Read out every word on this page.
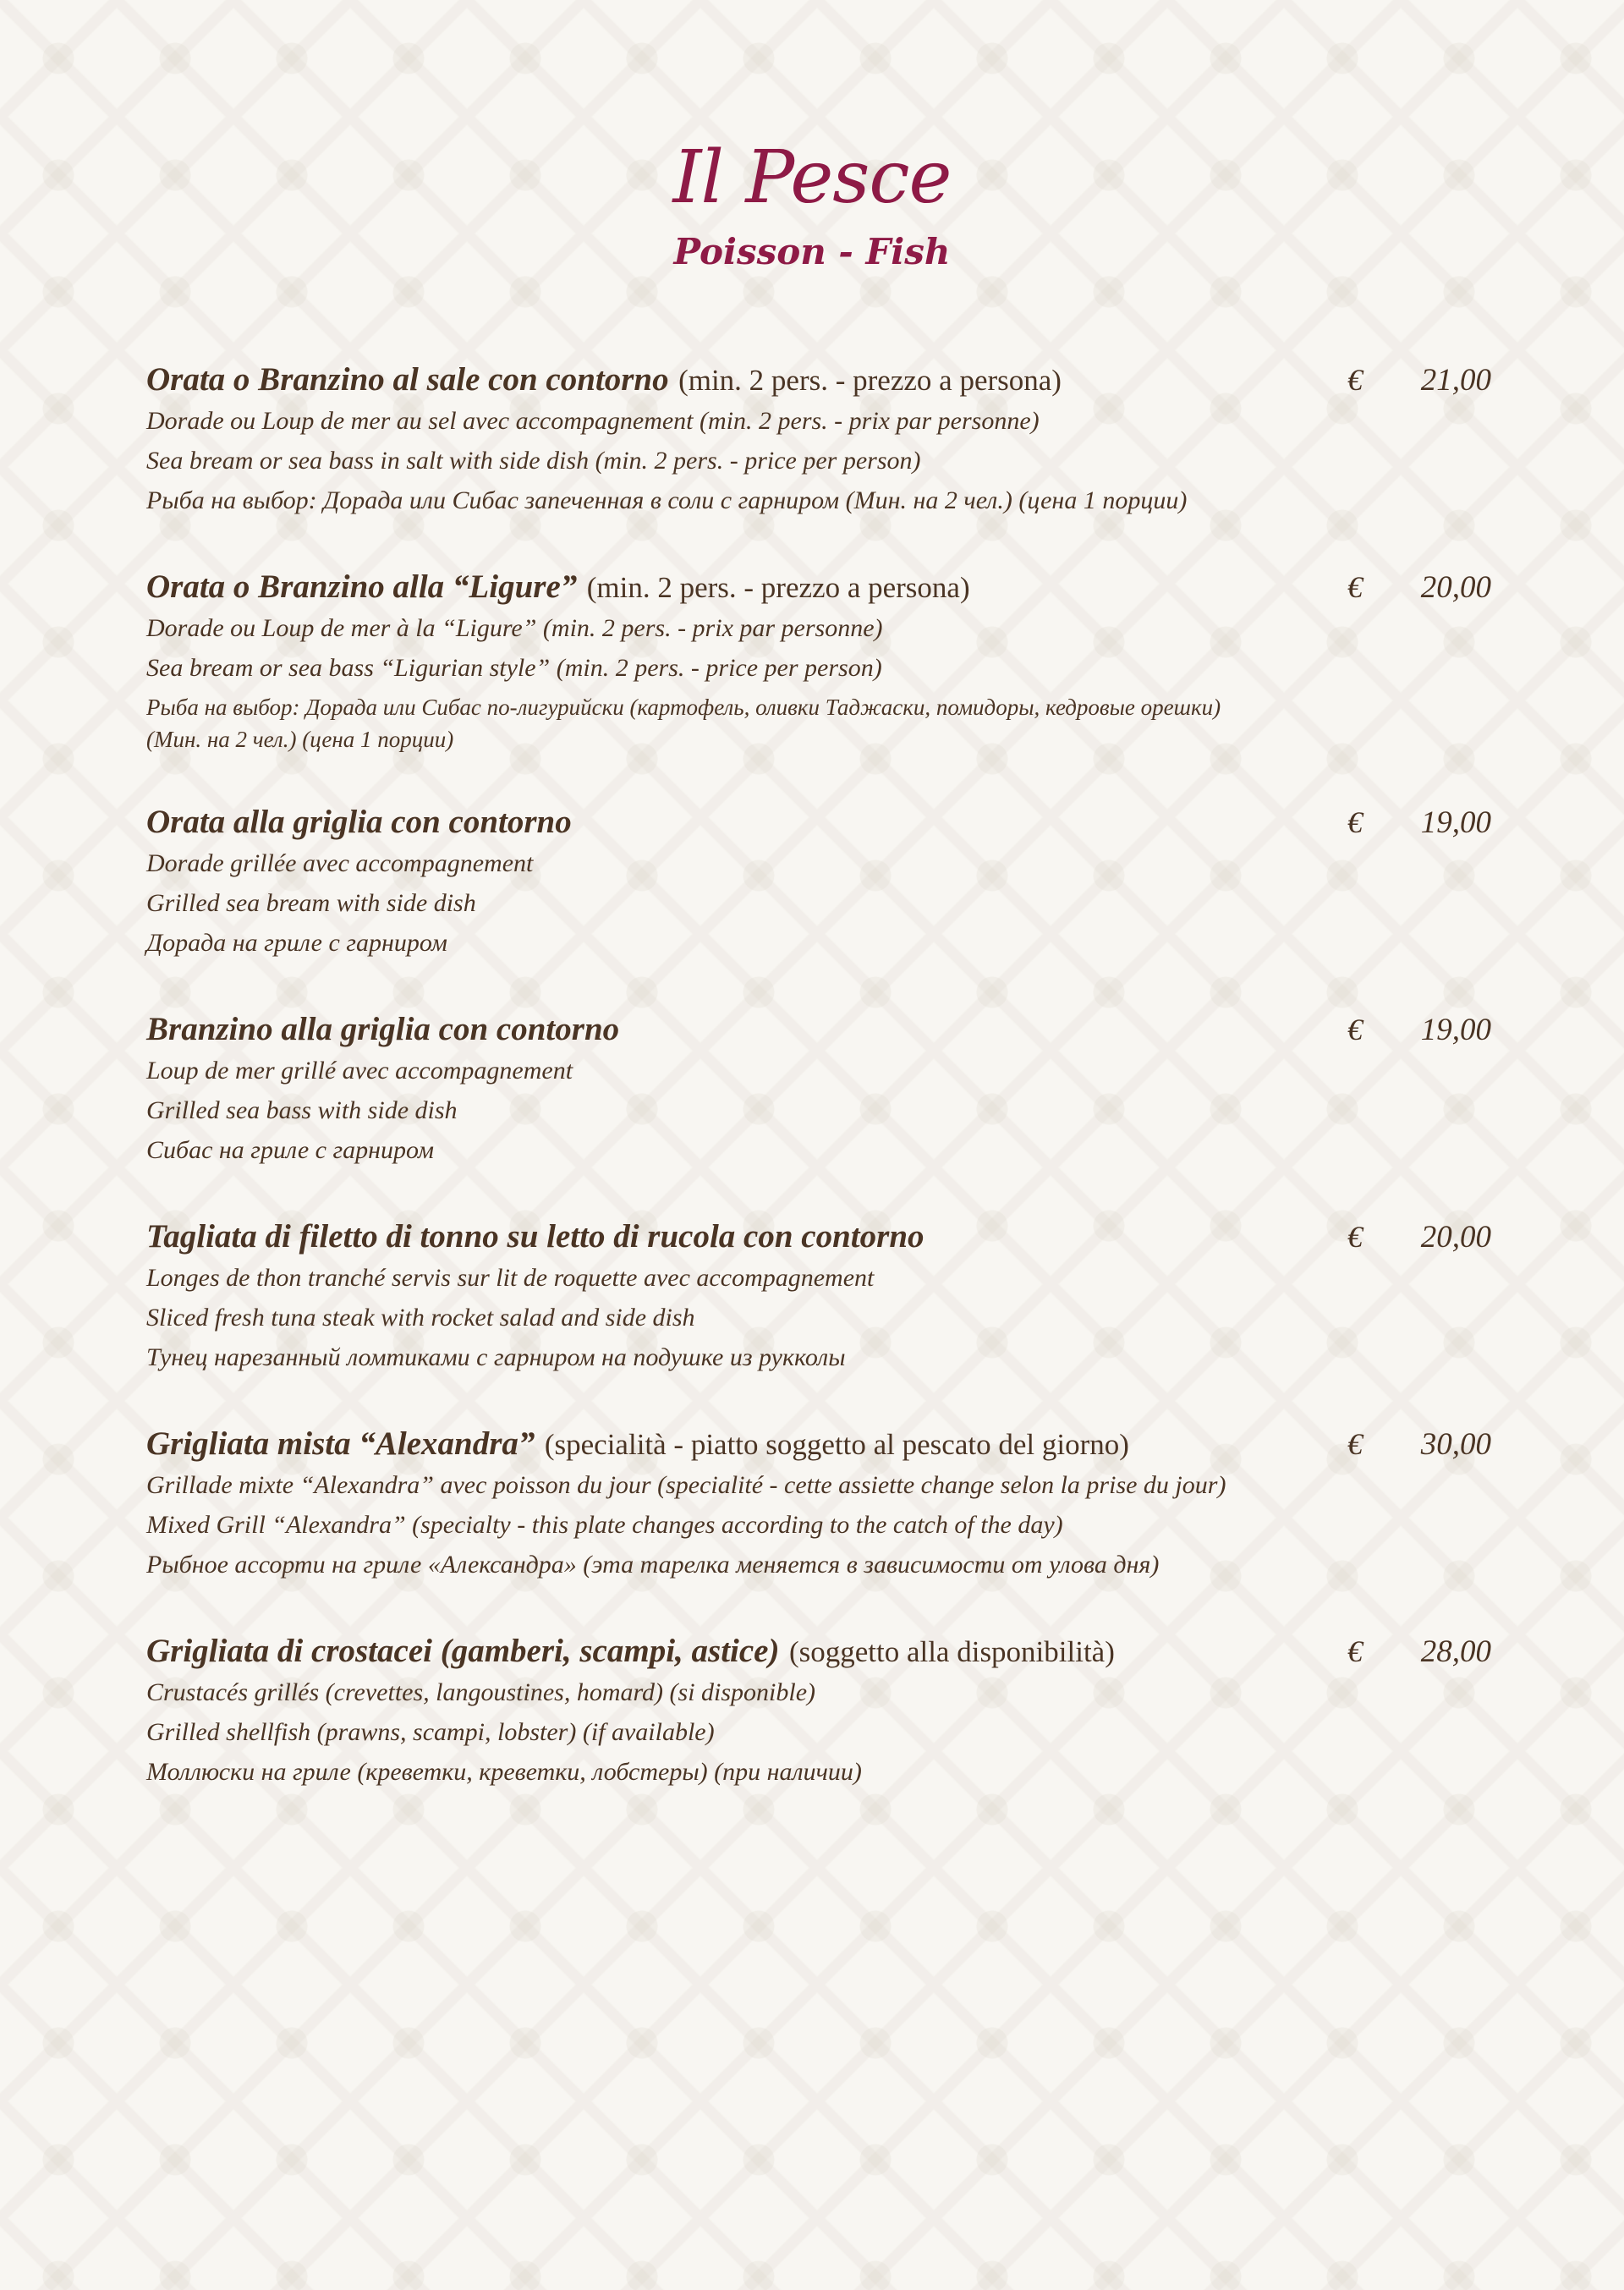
Il Pesce
Poisson - Fish
Orata o Branzino al sale con contorno (min. 2 pers. - prezzo a persona)	€	21,00
Dorade ou Loup de mer au sel avec accompagnement (min. 2 pers. - prix par personne)
Sea bream or sea bass in salt with side dish (min. 2 pers. - price per person)
Рыба на выбор: Дорада или Сибас запеченная в соли с гарниром (Мин. на 2 чел.) (цена 1 порции)
Orata o Branzino alla “Ligure” (min. 2 pers. - prezzo a persona)	€	20,00
Dorade ou Loup de mer à la “Ligure” (min. 2 pers. - prix par personne)
Sea bream or sea bass “Ligurian style” (min. 2 pers. - price per person)
Рыба на выбор: Дорада или Сибас по-лигурийски (картофель, оливки Таджаски, помидоры, кедровые орешки)
(Мин. на 2 чел.) (цена 1 порции)
Orata alla griglia con contorno	€	19,00
Dorade grillée avec accompagnement
Grilled sea bream with side dish
Дорада на гриле с гарниром
Branzino alla griglia con contorno	€	19,00
Loup de mer grillé avec accompagnement
Grilled sea bass with side dish
Сибас на гриле с гарниром
Tagliata di filetto di tonno su letto di rucola con contorno	€	20,00
Longes de thon tranché servis sur lit de roquette avec accompagnement
Sliced fresh tuna steak with rocket salad and side dish
Тунец нарезанный ломтиками с гарниром на подушке из рукколы
Grigliata mista “Alexandra” (specialità - piatto soggetto al pescato del giorno)	€	30,00
Grillade mixte “Alexandra” avec poisson du jour (specialité - cette assiette change selon la prise du jour)
Mixed Grill “Alexandra” (specialty - this plate changes according to the catch of the day)
Рыбное ассорти на гриле «Александра» (эта тарелка меняется в зависимости от улова дня)
Grigliata di crostacei (gamberi, scampi, astice) (soggetto alla disponibilità)	€	28,00
Crustacés grillés (crevettes, langoustines, homard) (si disponible)
Grilled shellfish (prawns, scampi, lobster) (if available)
Моллюски на гриле (креветки, креветки, лобстеры) (при наличии)
